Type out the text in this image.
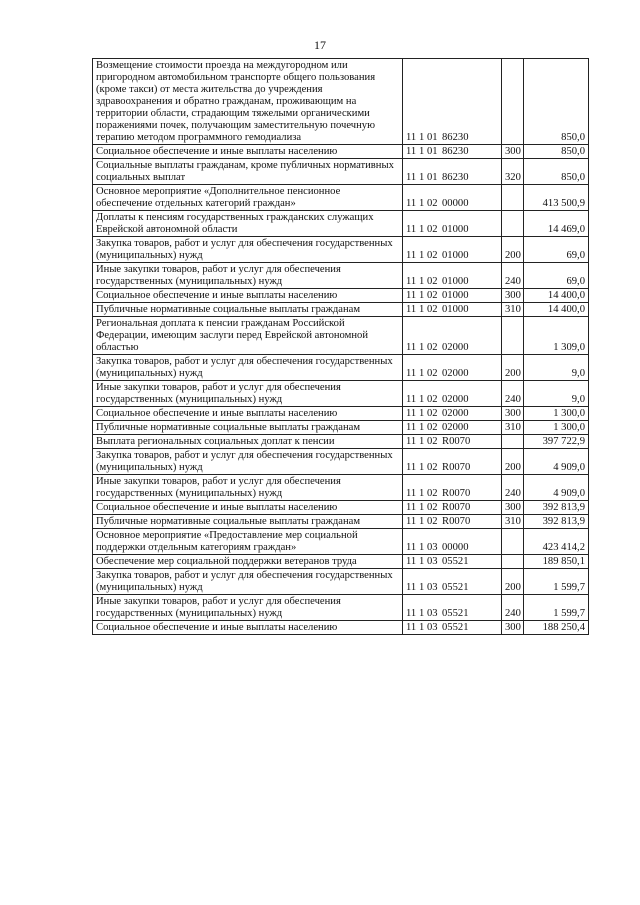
17
Возмещение стоимости проезда на междугородном или пригородном автомобильном транспорте общего пользования (кроме такси) от места жительства до учреждения здравоохранения и обратно гражданам, проживающим на территории области, страдающим тяжелыми органическими поражениями почек, получающим заместительную почечную терапию методом программного гемодиализа	11 1 01 86230		850,0
Социальное обеспечение и иные выплаты населению	11 1 01 86230	300	850,0
Социальные выплаты гражданам, кроме публичных нормативных социальных выплат	11 1 01 86230	320	850,0
Основное мероприятие «Дополнительное пенсионное обеспечение отдельных категорий граждан»	11 1 02 00000		413 500,9
Доплаты к пенсиям государственных гражданских служащих Еврейской автономной области	11 1 02 01000		14 469,0
Закупка товаров, работ и услуг для обеспечения государственных (муниципальных) нужд	11 1 02 01000	200	69,0
Иные закупки товаров, работ и услуг для обеспечения государственных (муниципальных) нужд	11 1 02 01000	240	69,0
Социальное обеспечение и иные выплаты населению	11 1 02 01000	300	14 400,0
Публичные нормативные социальные выплаты гражданам	11 1 02 01000	310	14 400,0
Региональная доплата к пенсии гражданам Российской Федерации, имеющим заслуги перед Еврейской автономной областью	11 1 02 02000		1 309,0
Закупка товаров, работ и услуг для обеспечения государственных (муниципальных) нужд	11 1 02 02000	200	9,0
Иные закупки товаров, работ и услуг для обеспечения государственных (муниципальных) нужд	11 1 02 02000	240	9,0
Социальное обеспечение и иные выплаты населению	11 1 02 02000	300	1 300,0
Публичные нормативные социальные выплаты гражданам	11 1 02 02000	310	1 300,0
Выплата региональных социальных доплат к пенсии	11 1 02 R0070		397 722,9
Закупка товаров, работ и услуг для обеспечения государственных (муниципальных) нужд	11 1 02 R0070	200	4 909,0
Иные закупки товаров, работ и услуг для обеспечения государственных (муниципальных) нужд	11 1 02 R0070	240	4 909,0
Социальное обеспечение и иные выплаты населению	11 1 02 R0070	300	392 813,9
Публичные нормативные социальные выплаты гражданам	11 1 02 R0070	310	392 813,9
Основное мероприятие «Предоставление мер социальной поддержки отдельным категориям граждан»	11 1 03 00000		423 414,2
Обеспечение мер социальной поддержки ветеранов труда	11 1 03 05521		189 850,1
Закупка товаров, работ и услуг для обеспечения государственных (муниципальных) нужд	11 1 03 05521	200	1 599,7
Иные закупки товаров, работ и услуг для обеспечения государственных (муниципальных) нужд	11 1 03 05521	240	1 599,7
Социальное обеспечение и иные выплаты населению	11 1 03 05521	300	188 250,4
